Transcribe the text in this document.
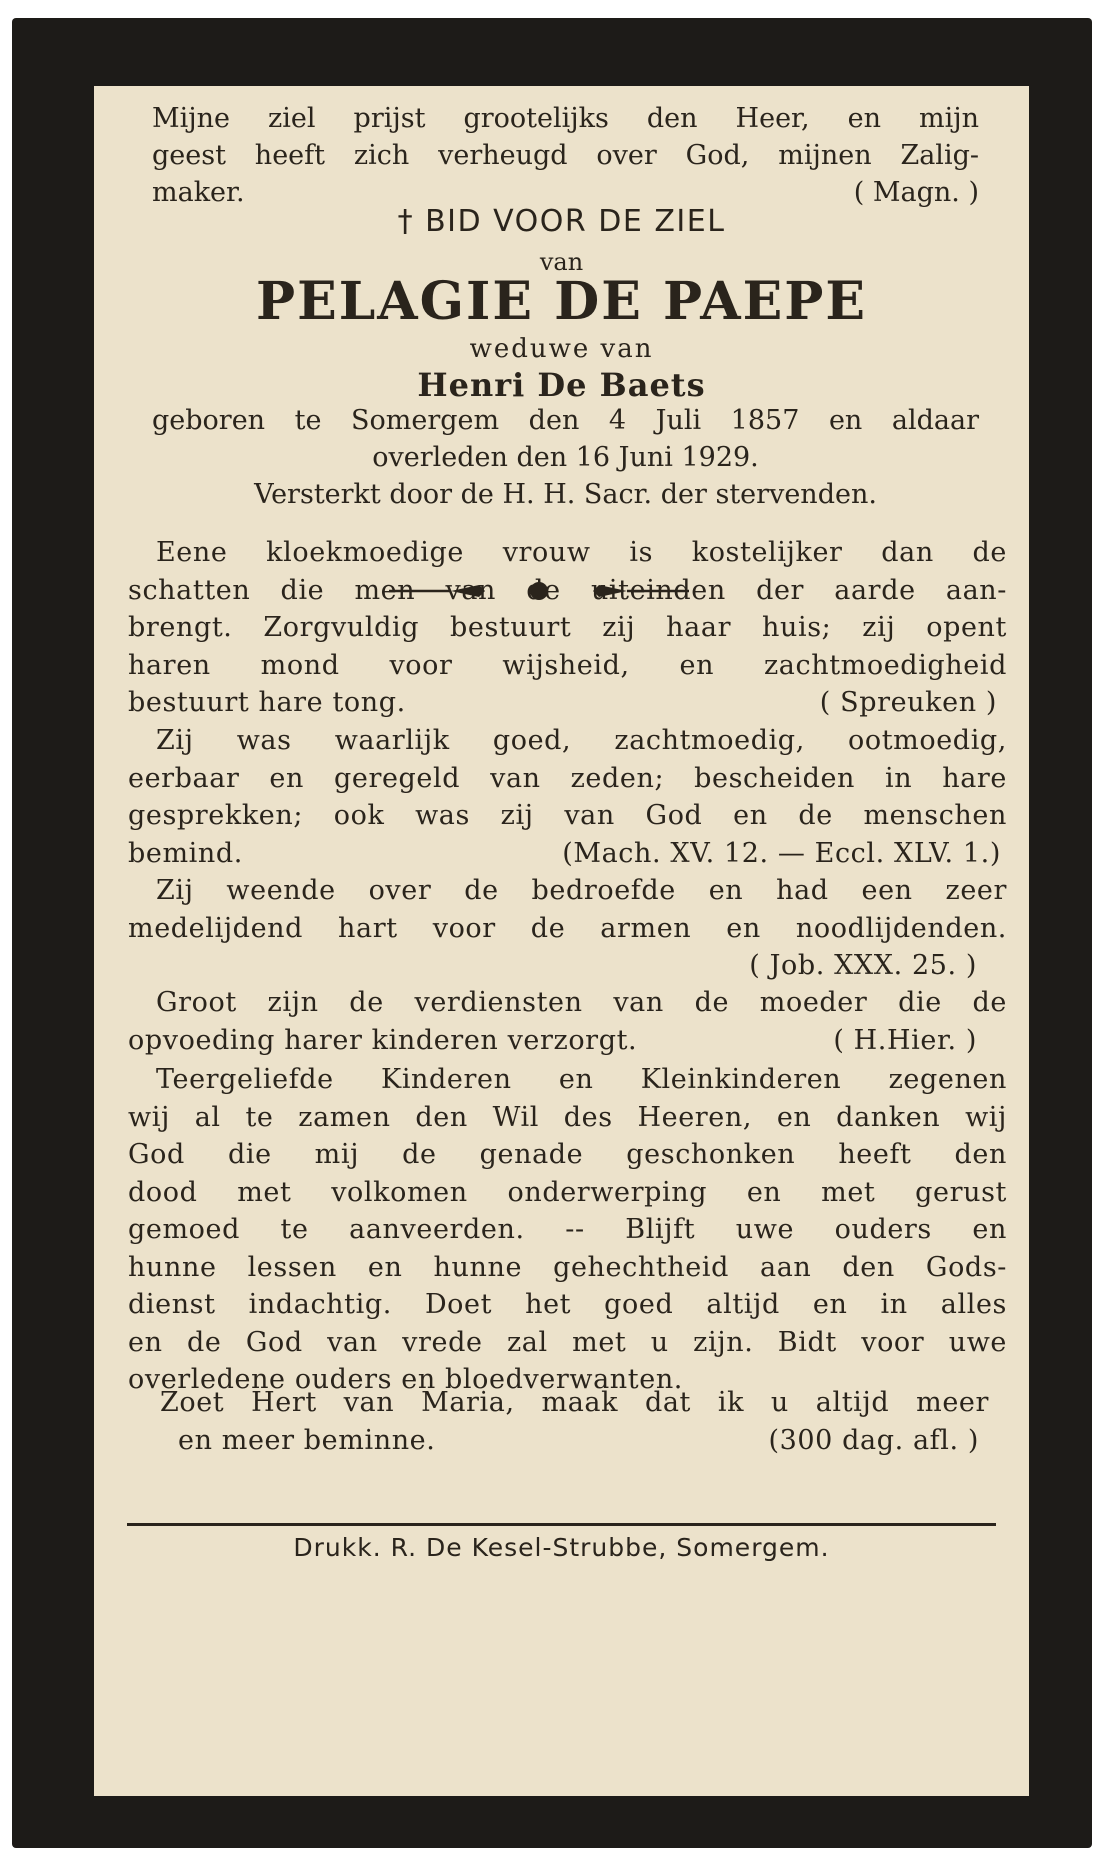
Mijne ziel prijst grootelijks den Heer, en mijn
geest heeft zich verheugd over God, mijnen Zalig-
maker.	( Magn. )
† BID VOOR DE ZIEL
van
PELAGIE DE PAEPE
weduwe van
Henri De Baets
geboren te Somergem den 4 Juli 1857 en aldaar
overleden den 16 Juni 1929.
Versterkt door de H. H. Sacr. der stervenden.
Eene kloekmoedige vrouw is kostelijker dan de
schatten die men van de uiteinden der aarde aan-
brengt. Zorgvuldig bestuurt zij haar huis; zij opent
haren mond voor wijsheid, en zachtmoedigheid
bestuurt hare tong.	( Spreuken )
Zij was waarlijk goed, zachtmoedig, ootmoedig,
eerbaar en geregeld van zeden; bescheiden in hare
gesprekken; ook was zij van God en de menschen
bemind.	(Mach. XV. 12. — Eccl. XLV. 1.)
Zij weende over de bedroefde en had een zeer
medelijdend hart voor de armen en noodlijdenden.
( Job. XXX. 25. )
Groot zijn de verdiensten van de moeder die de
opvoeding harer kinderen verzorgt.	( H.Hier. )
Teergeliefde Kinderen en Kleinkinderen zegenen
wij al te zamen den Wil des Heeren, en danken wij
God die mij de genade geschonken heeft den
dood met volkomen onderwerping en met gerust
gemoed te aanveerden. -- Blijft uwe ouders en
hunne lessen en hunne gehechtheid aan den Gods-
dienst indachtig. Doet het goed altijd en in alles
en de God van vrede zal met u zijn. Bidt voor uwe
overledene ouders en bloedverwanten.
Zoet Hert van Maria, maak dat ik u altijd meer
en meer beminne.	(300 dag. afl. )
Drukk. R. De Kesel-Strubbe, Somergem.
